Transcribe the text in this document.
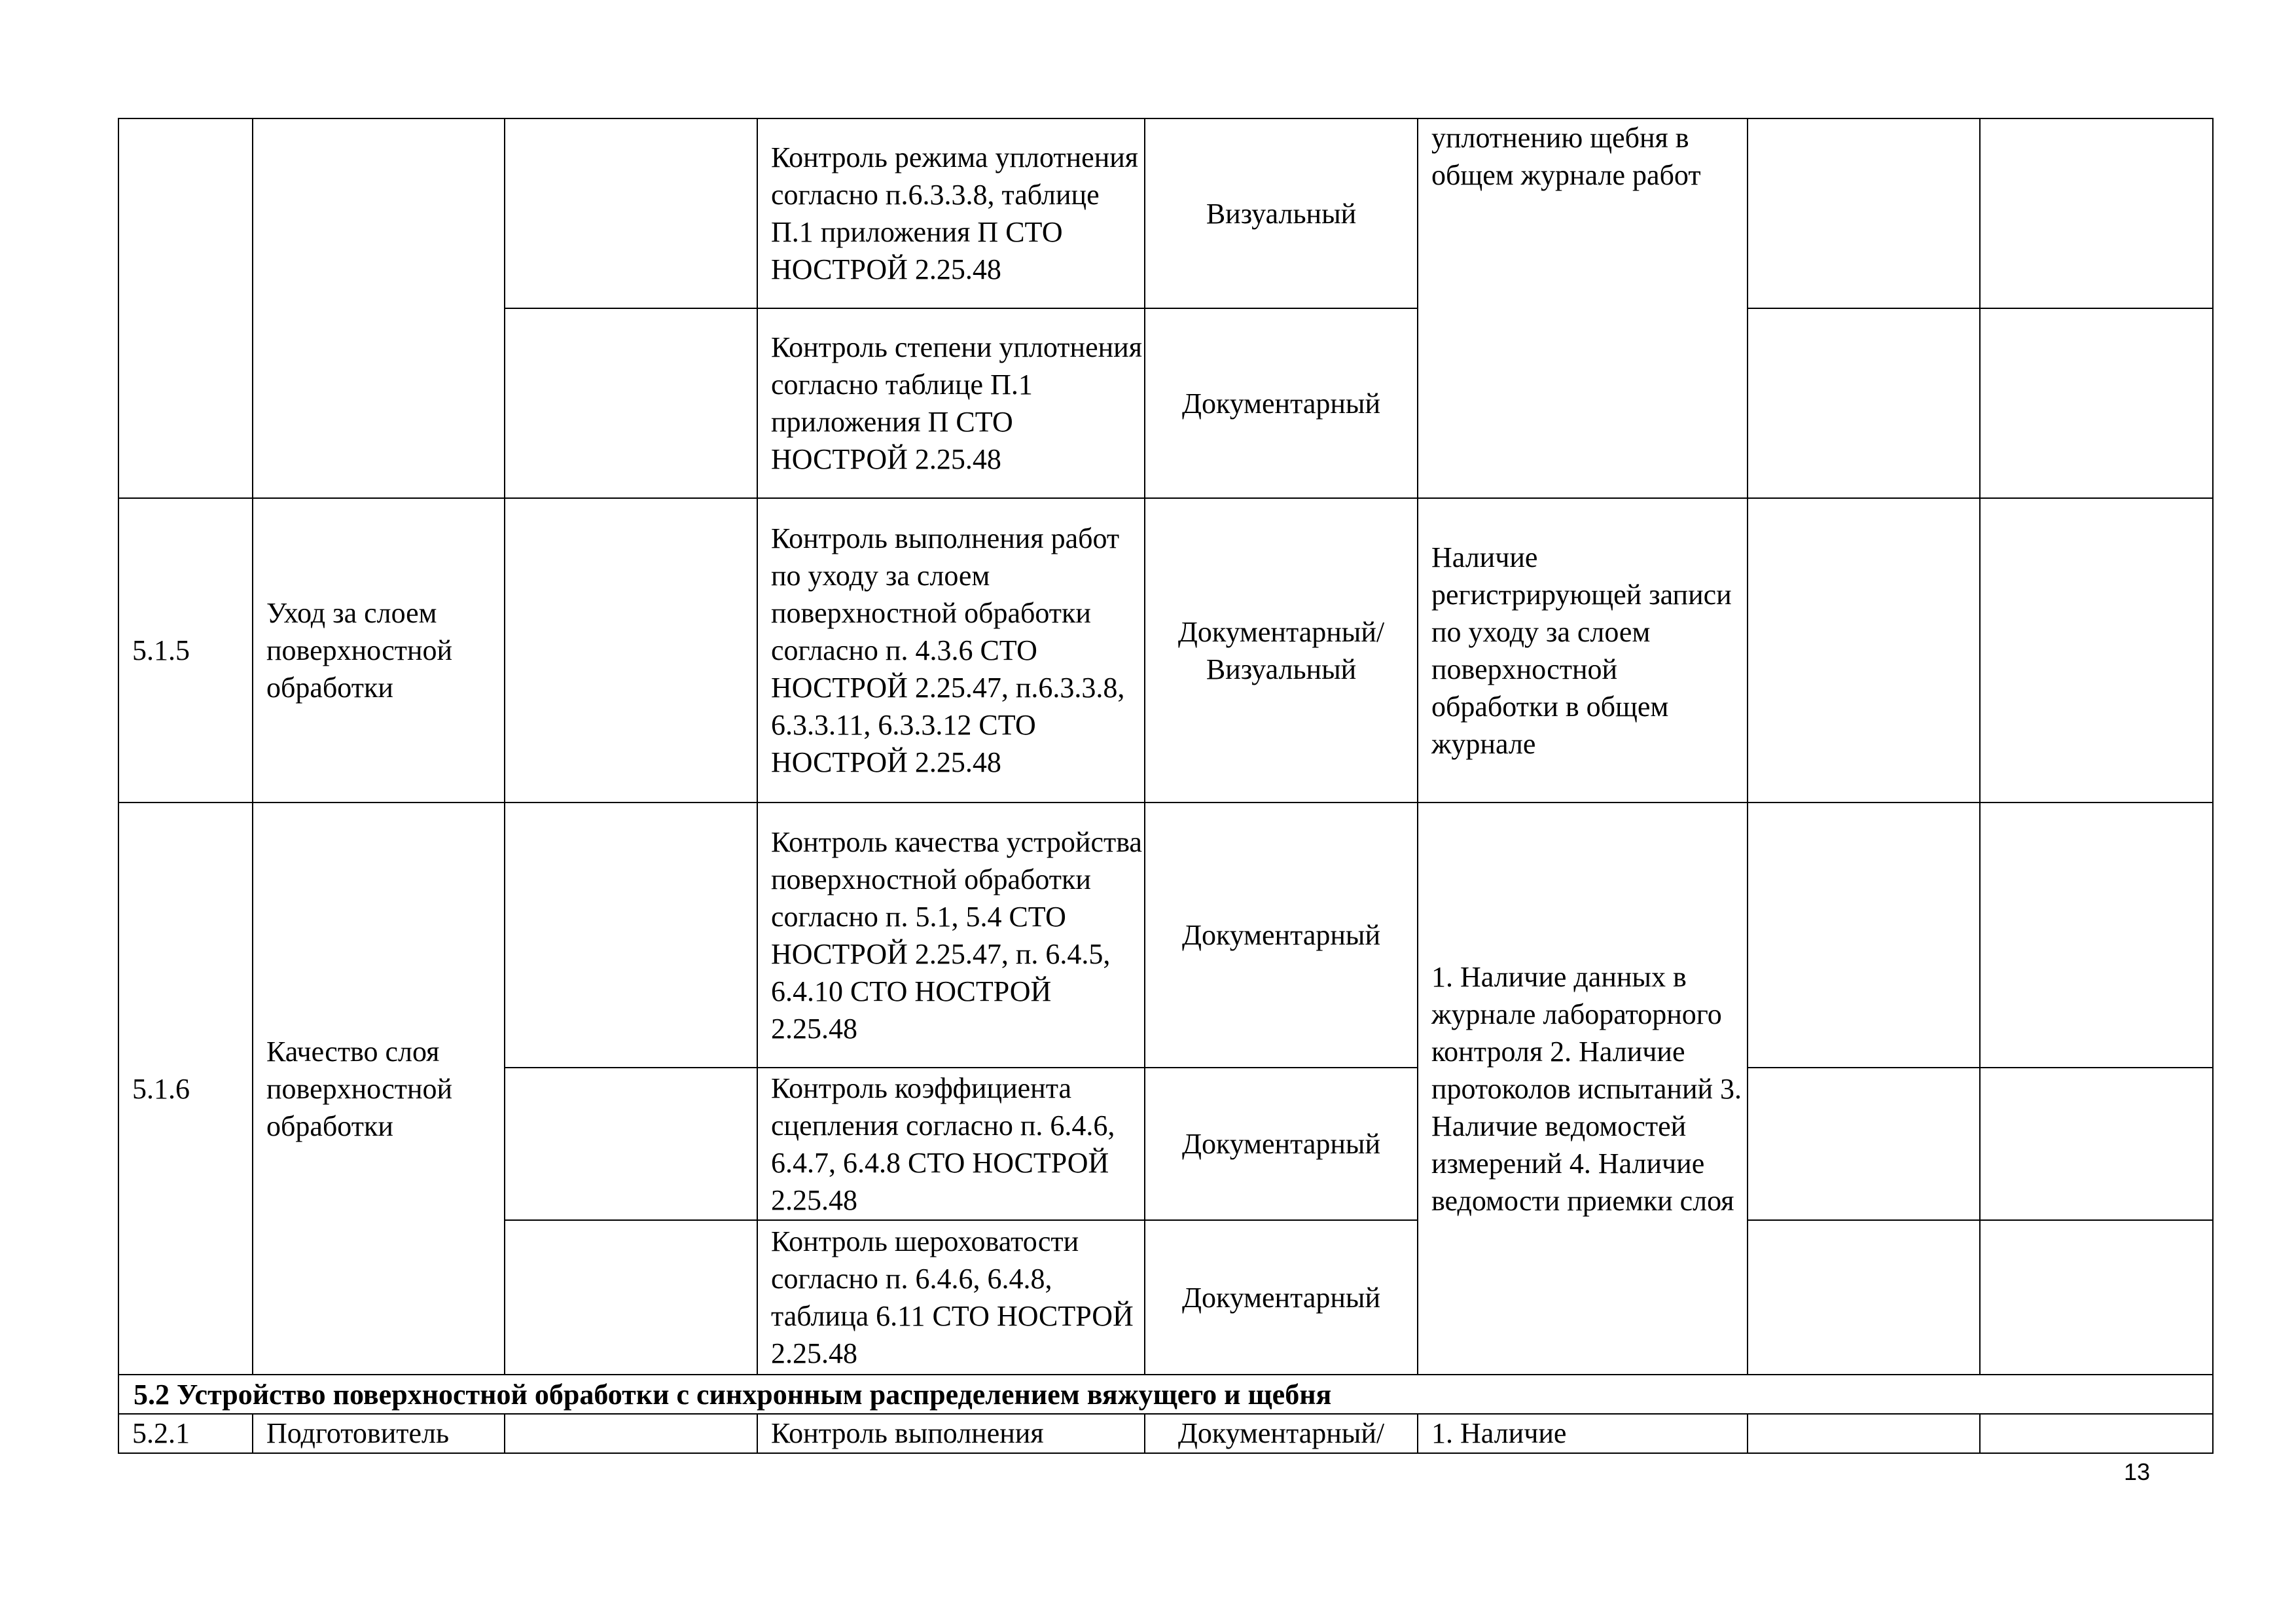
			Контроль режима уплотнения согласно п.6.3.3.8, таблице П.1 приложения П СТО НОСТРОЙ 2.25.48	Визуальный	уплотнению щебня в общем журнале работ		
			Контроль степени уплотнения согласно таблице П.1 приложения П СТО НОСТРОЙ 2.25.48	Документарный			
5.1.5	Уход за слоем поверхностной обработки		Контроль выполнения работ по уходу за слоем поверхностной обработки согласно п. 4.3.6 СТО НОСТРОЙ 2.25.47, п.6.3.3.8, 6.3.3.11, 6.3.3.12 СТО НОСТРОЙ 2.25.48	Документарный/ Визуальный	Наличие регистрирующей записи по уходу за слоем поверхностной обработки в общем журнале		
5.1.6	Качество слоя поверхностной обработки		Контроль качества устройства поверхностной обработки согласно п. 5.1, 5.4 СТО НОСТРОЙ 2.25.47, п. 6.4.5, 6.4.10 СТО НОСТРОЙ 2.25.48	Документарный	1. Наличие данных в журнале лабораторного контроля 2. Наличие протоколов испытаний 3. Наличие ведомостей измерений 4. Наличие ведомости приемки слоя		
			Контроль коэффициента сцепления согласно п. 6.4.6, 6.4.7, 6.4.8 СТО НОСТРОЙ 2.25.48	Документарный			
			Контроль шероховатости согласно п. 6.4.6, 6.4.8, таблица 6.11 СТО НОСТРОЙ 2.25.48	Документарный			
5.2 Устройство поверхностной обработки с синхронным распределением вяжущего и щебня							
5.2.1	Подготовитель		Контроль выполнения	Документарный/	1. Наличие		
13
